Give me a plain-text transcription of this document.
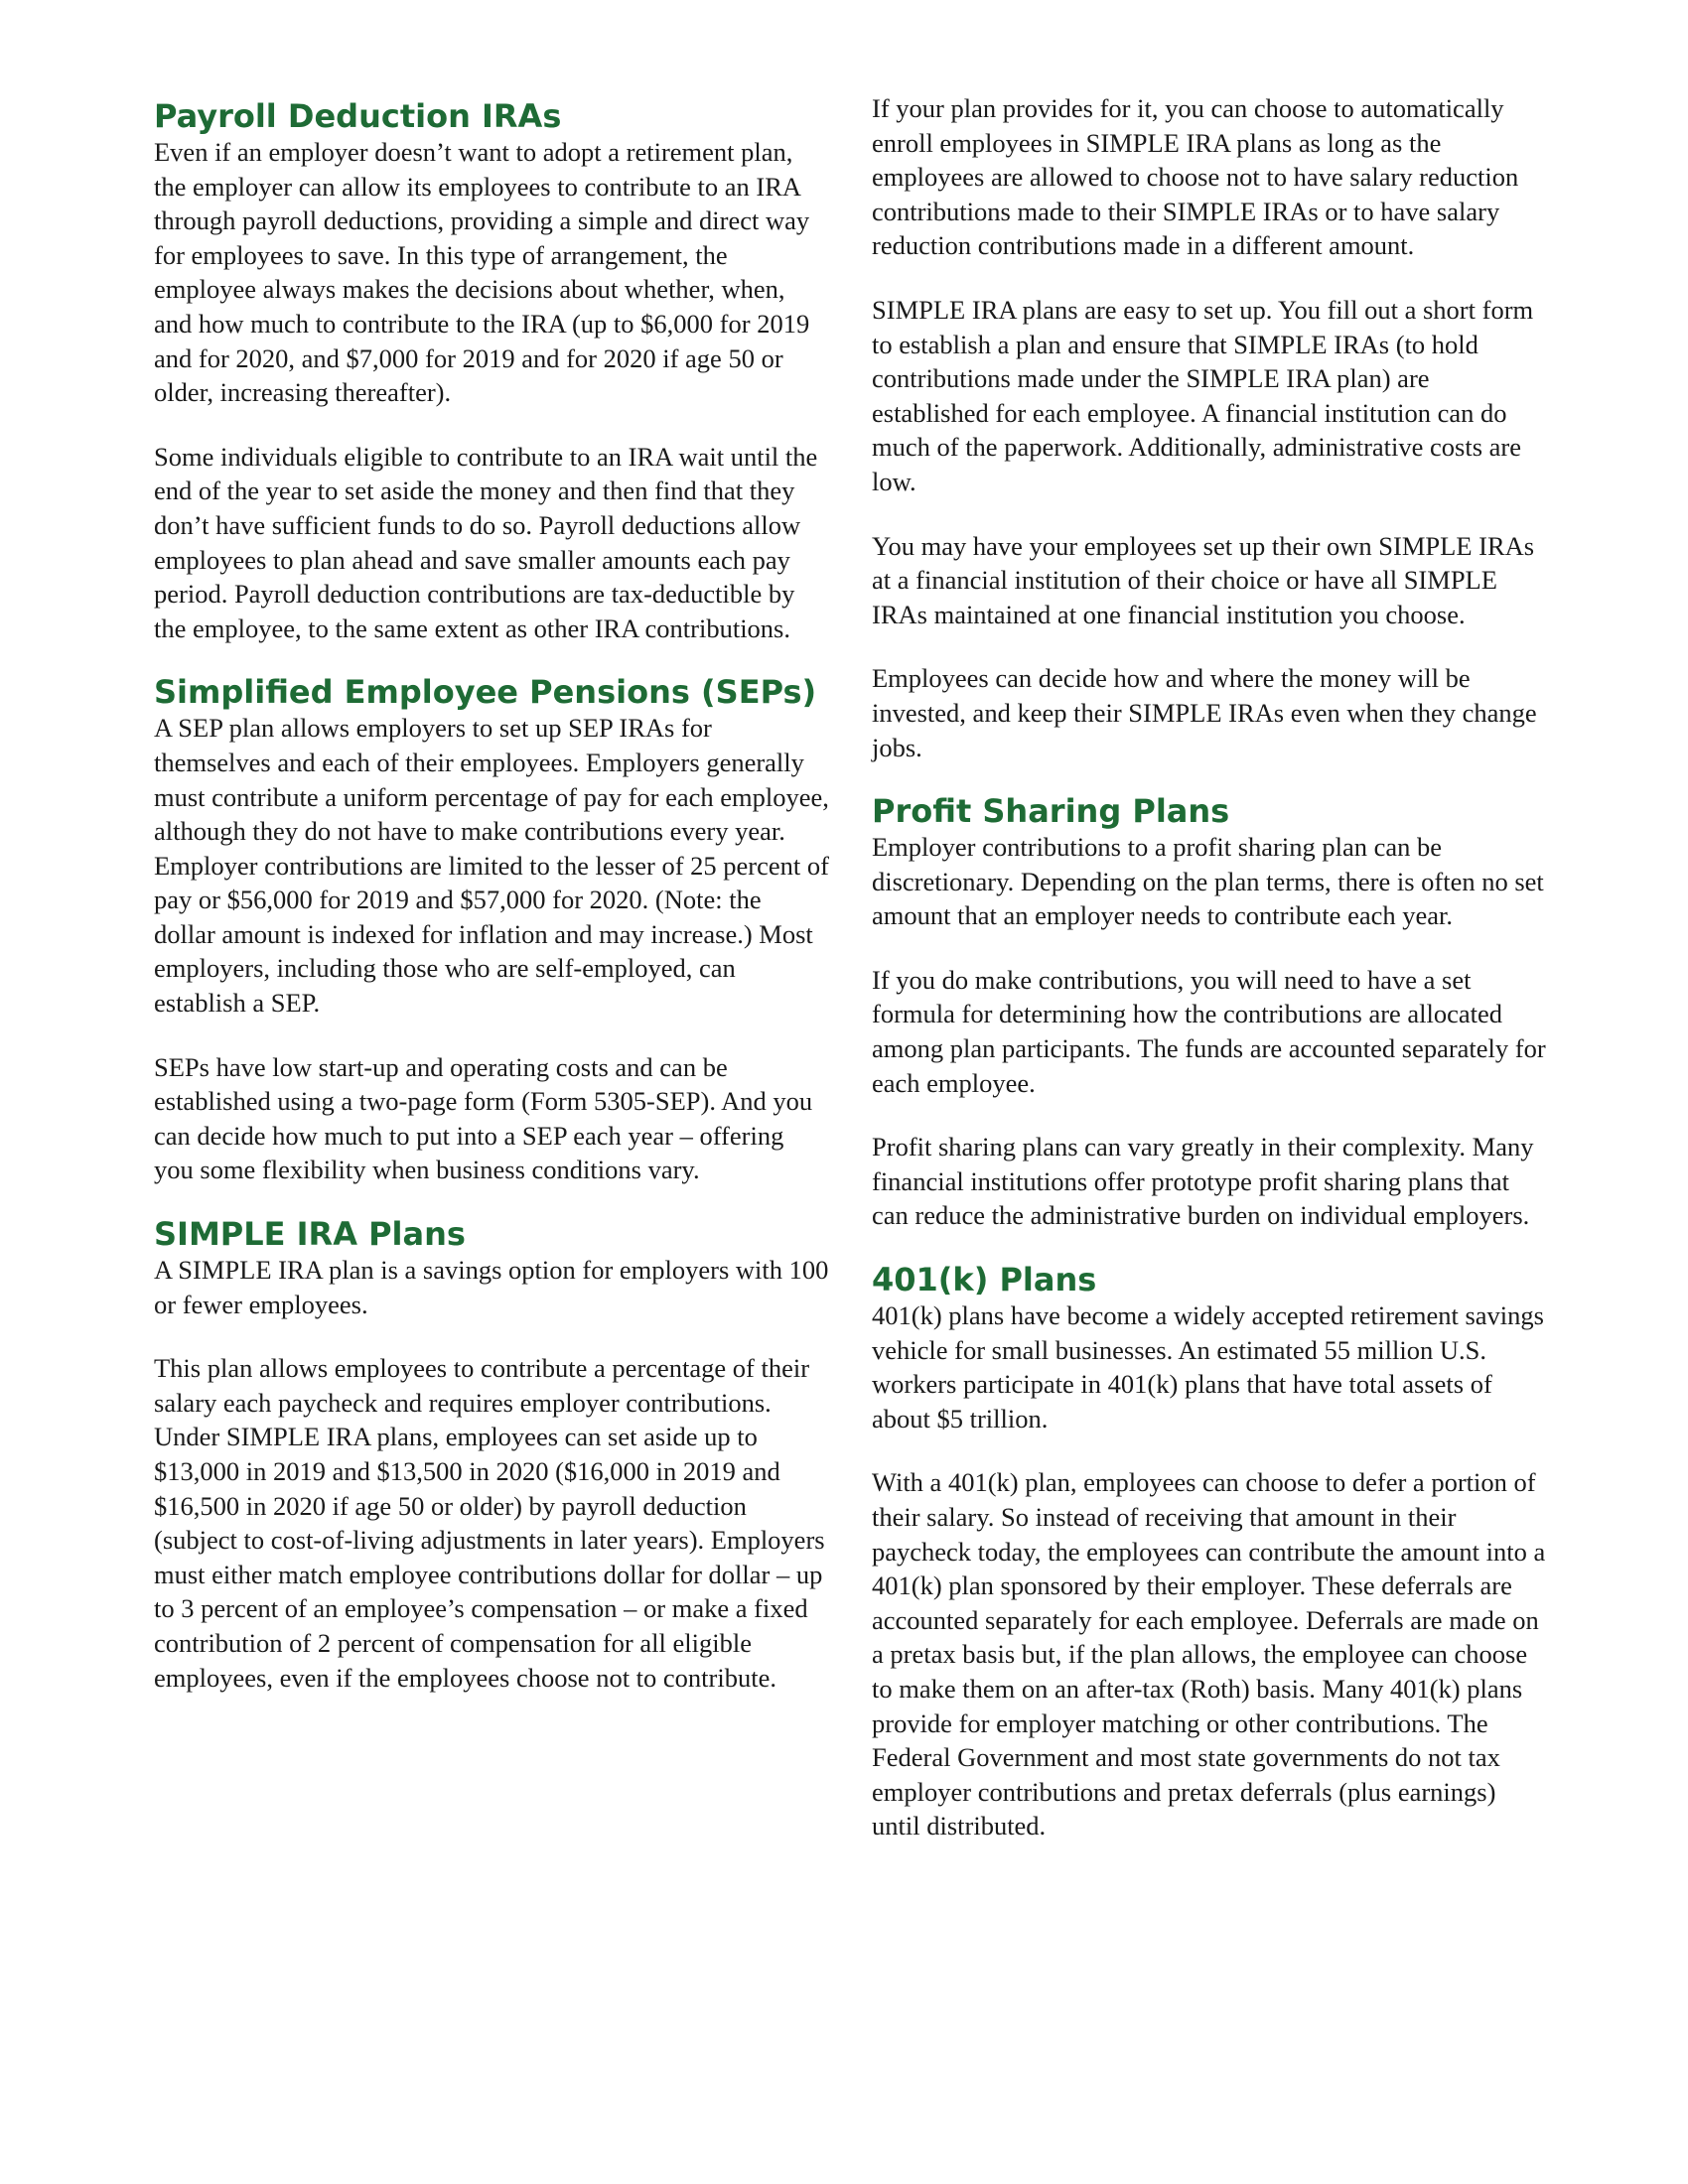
Payroll Deduction IRAs

Even if an employer doesn’t want to adopt a retirement plan, the employer can allow its employees to contribute to an IRA through payroll deductions, providing a simple and direct way for employees to save. In this type of arrangement, the employee always makes the decisions about whether, when, and how much to contribute to the IRA (up to $6,000 for 2019 and for 2020, and $7,000 for 2019 and for 2020 if age 50 or older, increasing thereafter).

Some individuals eligible to contribute to an IRA wait until the end of the year to set aside the money and then find that they don’t have sufficient funds to do so. Payroll deductions allow employees to plan ahead and save smaller amounts each pay period. Payroll deduction contributions are tax-deductible by the employee, to the same extent as other IRA contributions.

Simplified Employee Pensions (SEPs)

A SEP plan allows employers to set up SEP IRAs for themselves and each of their employees. Employers generally must contribute a uniform percentage of pay for each employee, although they do not have to make contributions every year. Employer contributions are limited to the lesser of 25 percent of pay or $56,000 for 2019 and $57,000 for 2020. (Note: the dollar amount is indexed for inflation and may increase.) Most employers, including those who are self-employed, can establish a SEP.

SEPs have low start-up and operating costs and can be established using a two-page form (Form 5305-SEP). And you can decide how much to put into a SEP each year – offering you some flexibility when business conditions vary.

SIMPLE IRA Plans

A SIMPLE IRA plan is a savings option for employers with 100 or fewer employees.

This plan allows employees to contribute a percentage of their salary each paycheck and requires employer contributions. Under SIMPLE IRA plans, employees can set aside up to $13,000 in 2019 and $13,500 in 2020 ($16,000 in 2019 and $16,500 in 2020 if age 50 or older) by payroll deduction (subject to cost-of-living adjustments in later years). Employers must either match employee contributions dollar for dollar – up to 3 percent of an employee’s compensation – or make a fixed contribution of 2 percent of compensation for all eligible employees, even if the employees choose not to contribute.

If your plan provides for it, you can choose to automatically enroll employees in SIMPLE IRA plans as long as the employees are allowed to choose not to have salary reduction contributions made to their SIMPLE IRAs or to have salary reduction contributions made in a different amount.

SIMPLE IRA plans are easy to set up. You fill out a short form to establish a plan and ensure that SIMPLE IRAs (to hold contributions made under the SIMPLE IRA plan) are established for each employee. A financial institution can do much of the paperwork. Additionally, administrative costs are low.

You may have your employees set up their own SIMPLE IRAs at a financial institution of their choice or have all SIMPLE IRAs maintained at one financial institution you choose.

Employees can decide how and where the money will be invested, and keep their SIMPLE IRAs even when they change jobs.

Profit Sharing Plans

Employer contributions to a profit sharing plan can be discretionary. Depending on the plan terms, there is often no set amount that an employer needs to contribute each year.

If you do make contributions, you will need to have a set formula for determining how the contributions are allocated among plan participants. The funds are accounted separately for each employee.

Profit sharing plans can vary greatly in their complexity. Many financial institutions offer prototype profit sharing plans that can reduce the administrative burden on individual employers.

401(k) Plans

401(k) plans have become a widely accepted retirement savings vehicle for small businesses. An estimated 55 million U.S. workers participate in 401(k) plans that have total assets of about $5 trillion.

With a 401(k) plan, employees can choose to defer a portion of their salary. So instead of receiving that amount in their paycheck today, the employees can contribute the amount into a 401(k) plan sponsored by their employer. These deferrals are accounted separately for each employee. Deferrals are made on a pretax basis but, if the plan allows, the employee can choose to make them on an after-tax (Roth) basis. Many 401(k) plans provide for employer matching or other contributions. The Federal Government and most state governments do not tax employer contributions and pretax deferrals (plus earnings) until distributed.
